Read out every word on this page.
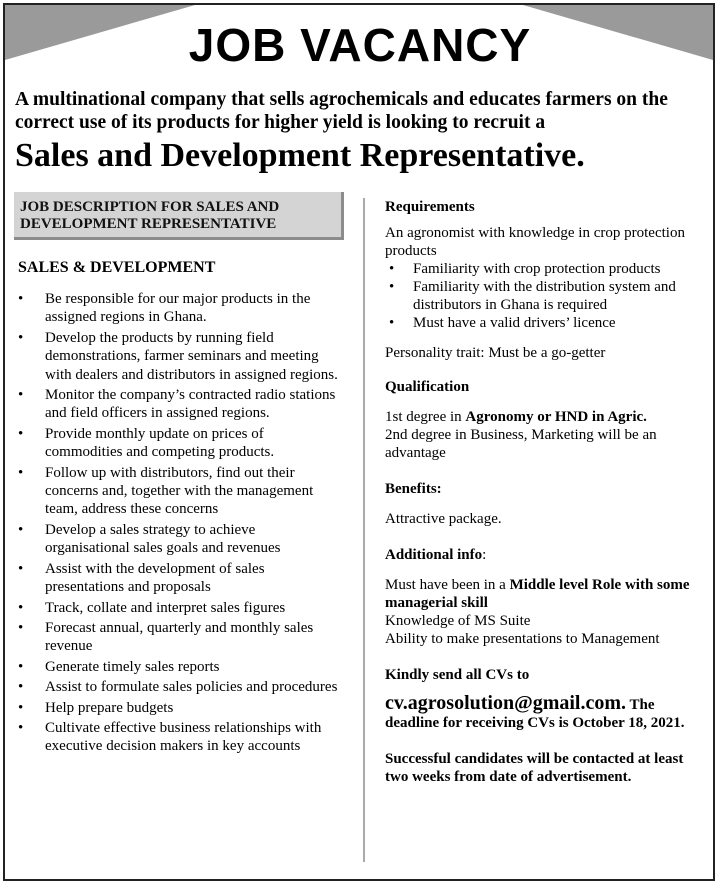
JOB VACANCY
A multinational company that sells agrochemicals and educates farmers on the correct use of its products for higher yield is looking to recruit a
Sales and Development Representative.
JOB DESCRIPTION FOR SALES AND DEVELOPMENT REPRESENTATIVE
SALES & DEVELOPMENT
• Be responsible for our major products in the assigned regions in Ghana.
• Develop the products by running field demonstrations, farmer seminars and meeting with dealers and distributors in assigned regions.
• Monitor the company’s contracted radio stations and field officers in assigned regions.
• Provide monthly update on prices of commodities and competing products.
• Follow up with distributors, find out their concerns and, together with the management team, address these concerns
• Develop a sales strategy to achieve organisational sales goals and revenues
• Assist with the development of sales presentations and proposals
• Track, collate and interpret sales figures
• Forecast annual, quarterly and monthly sales revenue
• Generate timely sales reports
• Assist to formulate sales policies and procedures
• Help prepare budgets
• Cultivate effective business relationships with executive decision makers in key accounts

Requirements

An agronomist with knowledge in crop protection products

• Familiarity with crop protection products
• Familiarity with the distribution system and distributors in Ghana is required
• Must have a valid drivers’ licence

Personality trait: Must be a go-getter

Qualification

1st degree in Agronomy or HND in Agric.

2nd degree in Business, Marketing will be an advantage

Benefits:

Attractive package.

Additional info:

Must have been in a Middle level Role with some managerial skill

Knowledge of MS Suite

Ability to make presentations to Management

Kindly send all CVs to

cv.agrosolution@gmail.com. The deadline for receiving CVs is October 18, 2021.

Successful candidates will be contacted at least two weeks from date of advertisement.
